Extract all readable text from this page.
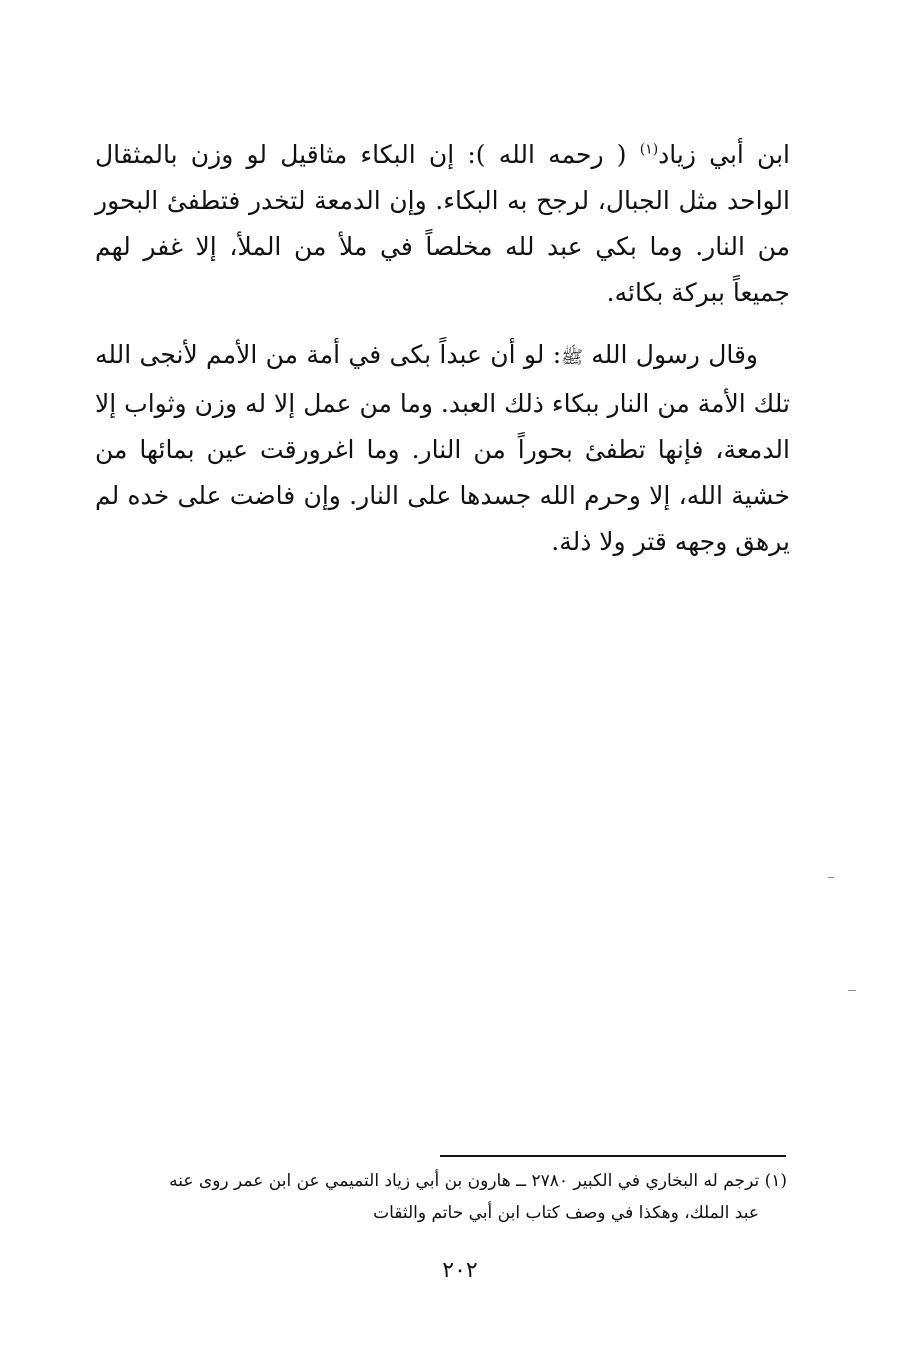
ابن أبي زياد$^{(١)}$ ( رحمه الله ): إن البكاء مثاقيل لو وزن بالمثقال الواحد مثل الجبال، لرجح به البكاء. وإن الدمعة لتخدر فتطفىٔ البحور من النار. وما بكي عبد لله مخلصاً في ملأ من الملأ، إلا غفر لهم جميعاً ببركة بكائه.

وقال رسول الله ﷺ: لو أن عبداً بكى في أمة من الأمم لأنجى الله تلك الأمة من النار ببكاء ذلك العبد. وما من عمل إلا له وزن وثواب إلا الدمعة، فإنها تطفىٔ بحوراً من النار. وما اغرورقت عين بمائها من خشية الله، إلا وحرم الله جسدها على النار. وإن فاضت على خده لم يرهق وجهه قتر ولا ذلة.

(١) ترجم له البخاري في الكبير ٢٧٨٠ ــ هارون بن أبي زياد التميمي عن ابن عمر روى عنه

عبد الملك، وهكذا في وصف كتاب ابن أبي حاتم والثقات

٢٠٢
